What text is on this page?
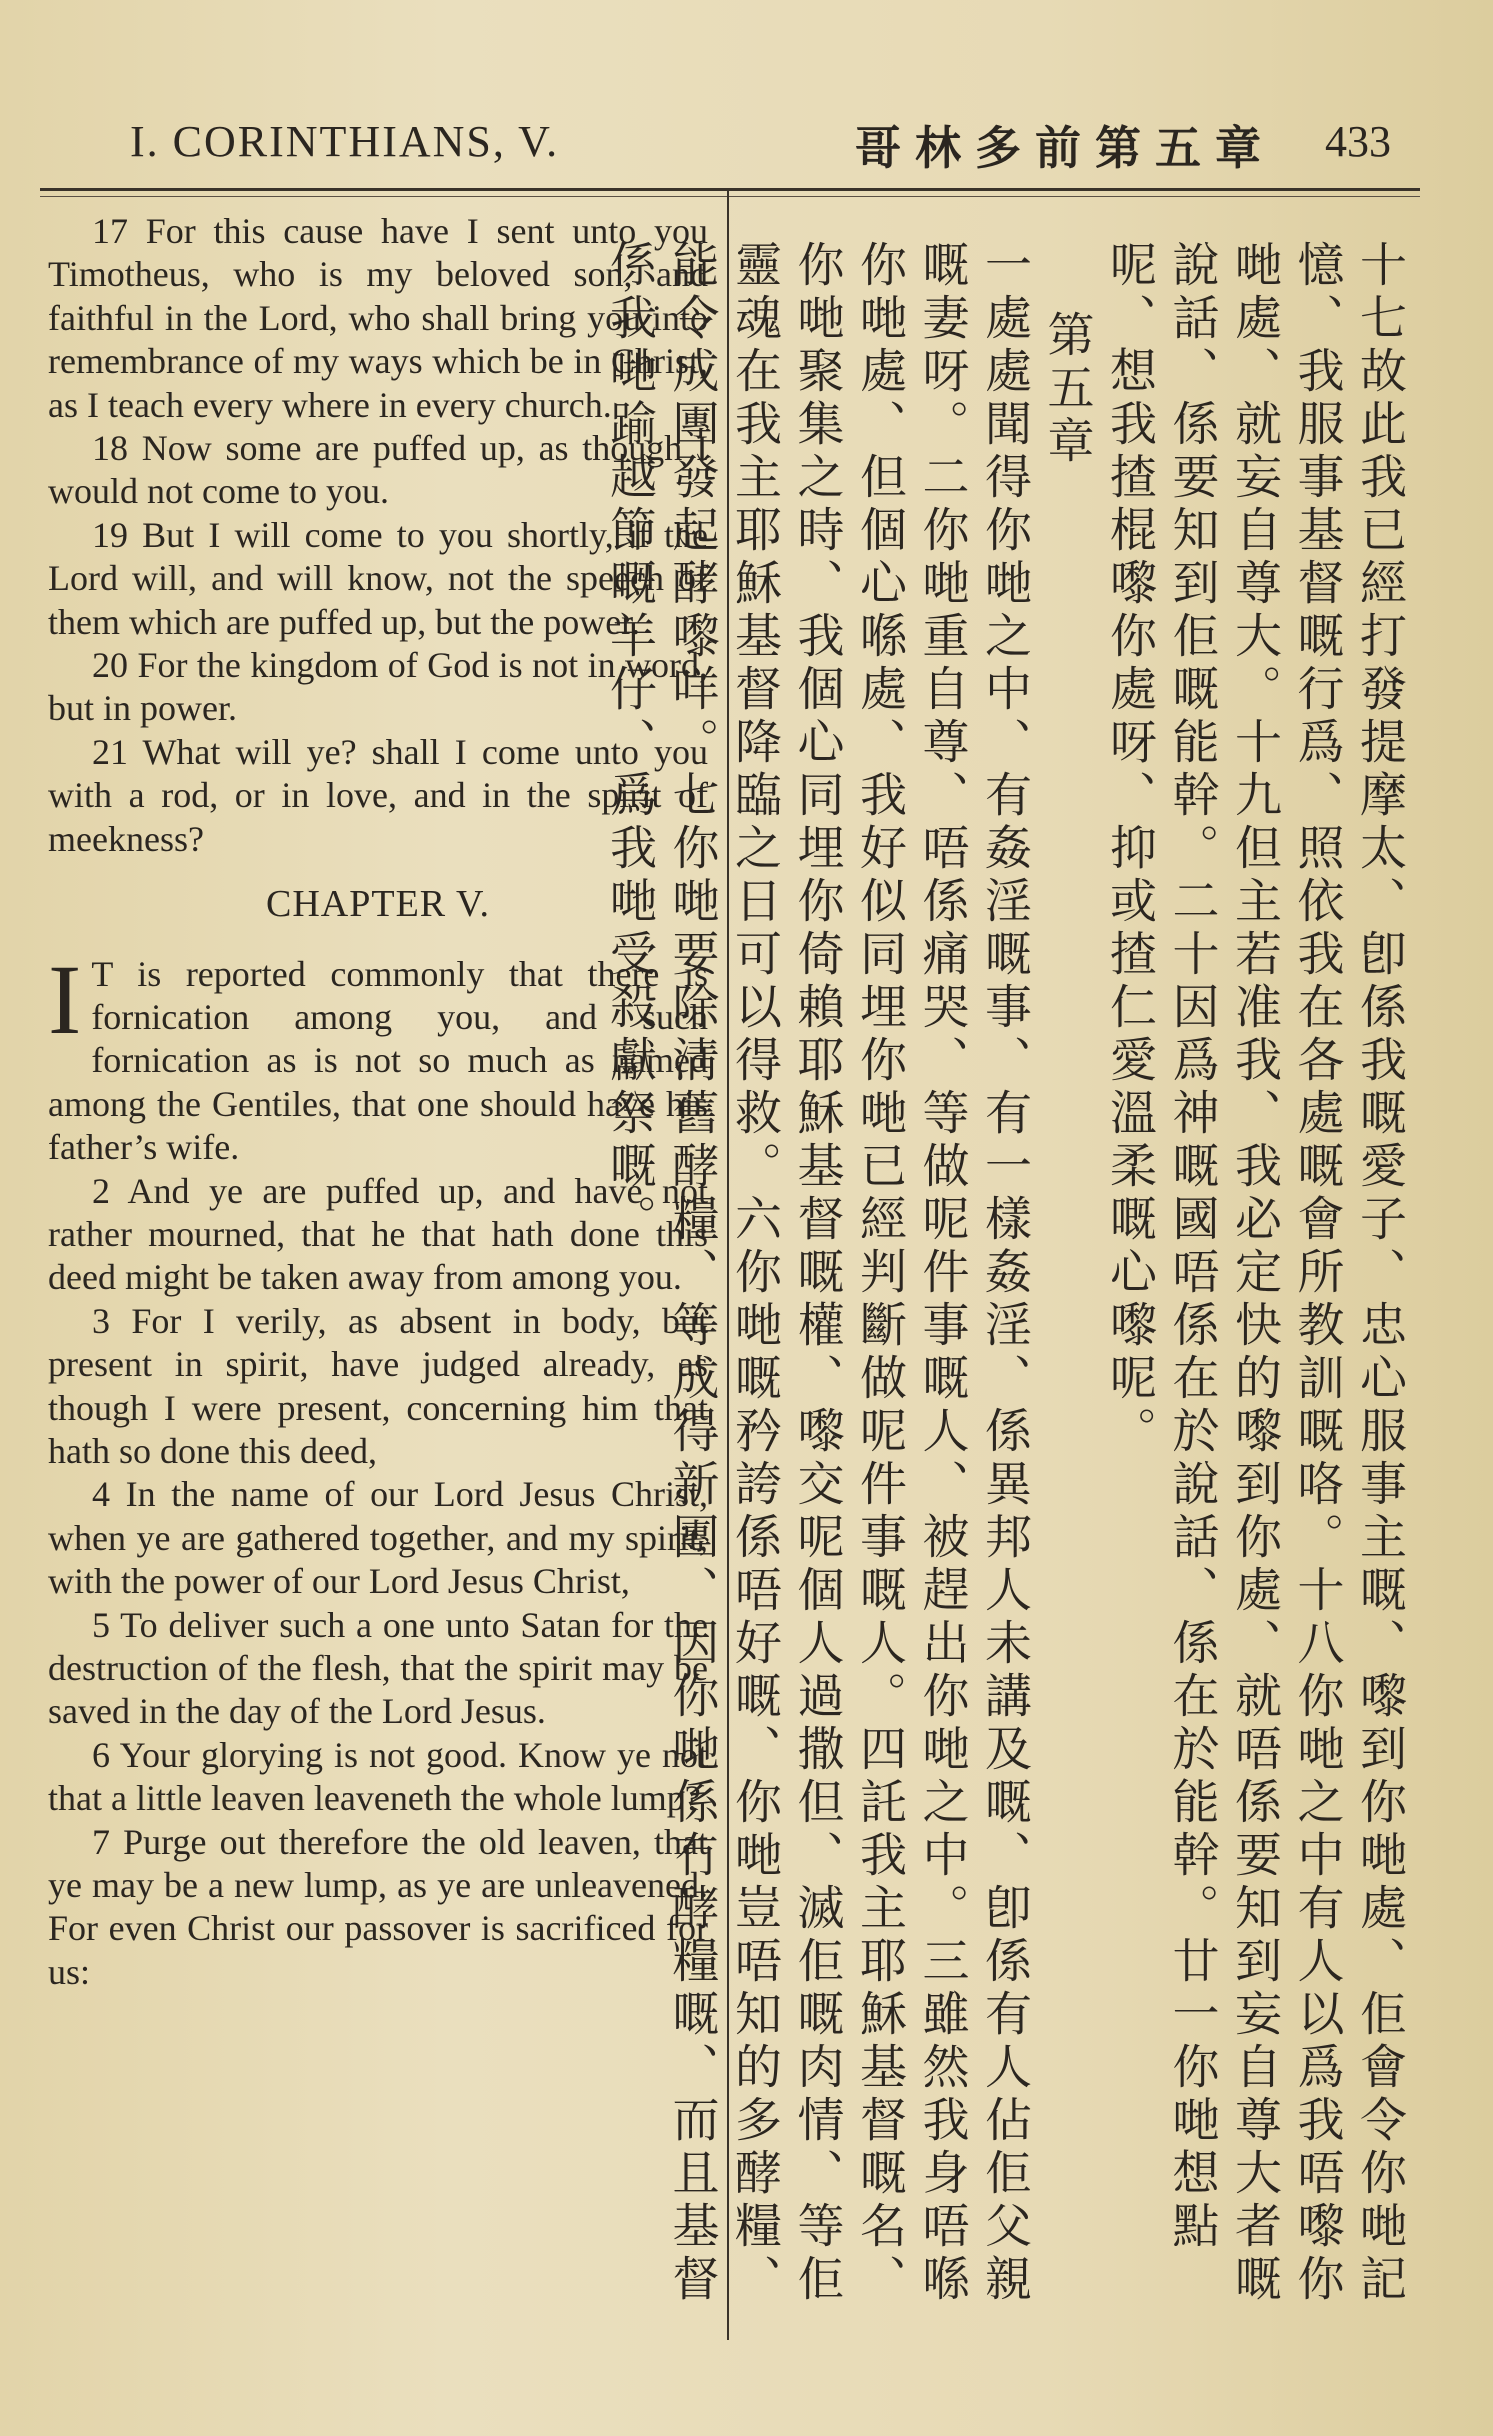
I. CORINTHIANS, V.	哥林多前第五章 433

17 For this cause have I sent unto you Timotheus, who is my beloved son, and faithful in the Lord, who shall bring you into remembrance of my ways which be in Christ, as I teach every where in every church.

18 Now some are puffed up, as though I would not come to you.

19 But I will come to you shortly, if the Lord will, and will know, not the speech of them which are puffed up, but the power.

20 For the kingdom of God is not in word, but in power.

21 What will ye? shall I come unto you with a rod, or in love, and in the spirit of meekness?

CHAPTER V.

I T is reported commonly that there is fornication among you, and such fornication as is not so much as named among the Gentiles, that one should have his father’s wife.

2 And ye are puffed up, and have not rather mourned, that he that hath done this deed might be taken away from among you.

3 For I verily, as absent in body, but present in spirit, have judged already, as though I were present, concerning him that hath so done this deed,

4 In the name of our Lord Jesus Christ, when ye are gathered together, and my spirit, with the power of our Lord Jesus Christ,

5 To deliver such a one unto Satan for the destruction of the flesh, that the spirit may be saved in the day of the Lord Jesus.

6 Your glorying is not good. Know ye not that a little leaven leaveneth the whole lump?

7 Purge out therefore the old leaven, that ye may be a new lump, as ye are unleavened. For even Christ our passover is sacrificed for us:	十七故此我已經打發提摩太、卽係我嘅愛子、忠心服事主嘅、嚟到你哋處、佢會令你哋記憶、我服事基督嘅行爲、照依我在各處嘅會所教訓嘅咯。十八你哋之中有人以爲我唔嚟你哋處、就妄自尊大。十九但主若准我、我必定快的嚟到你處、就唔係要知到妄自尊大者嘅說話、係要知到佢嘅能幹。二十因爲神嘅國唔係在於說話、係在於能幹。廿一你哋想點呢、想我揸棍嚟你處呀、抑或揸仁愛溫柔嘅心嚟呢。

第五章

一處處聞得你哋之中、有姦淫嘅事、有一樣姦淫、係異邦人未講及嘅、卽係有人佔佢父親嘅妻呀。二你哋重自尊、唔係痛哭、等做呢件事嘅人、被趕出你哋之中。三雖然我身唔喺你哋處、但個心喺處、我好似同埋你哋已經判斷做呢件事嘅人。四託我主耶穌基督嘅名、你哋聚集之時、我個心同埋你倚賴耶穌基督嘅權、嚟交呢個人過撒但、滅佢嘅肉情、等佢靈魂在我主耶穌基督降臨之日可以得救。六你哋嘅矜誇係唔好嘅、你哋豈唔知的多酵糧、能令成團發起酵嚟咩。七你哋要除淸舊酵糧、等成得新團、因你哋係冇酵糧嘅、而且基督係我哋踰越節嘅羊仔、爲我哋受殺獻祭嘅。
